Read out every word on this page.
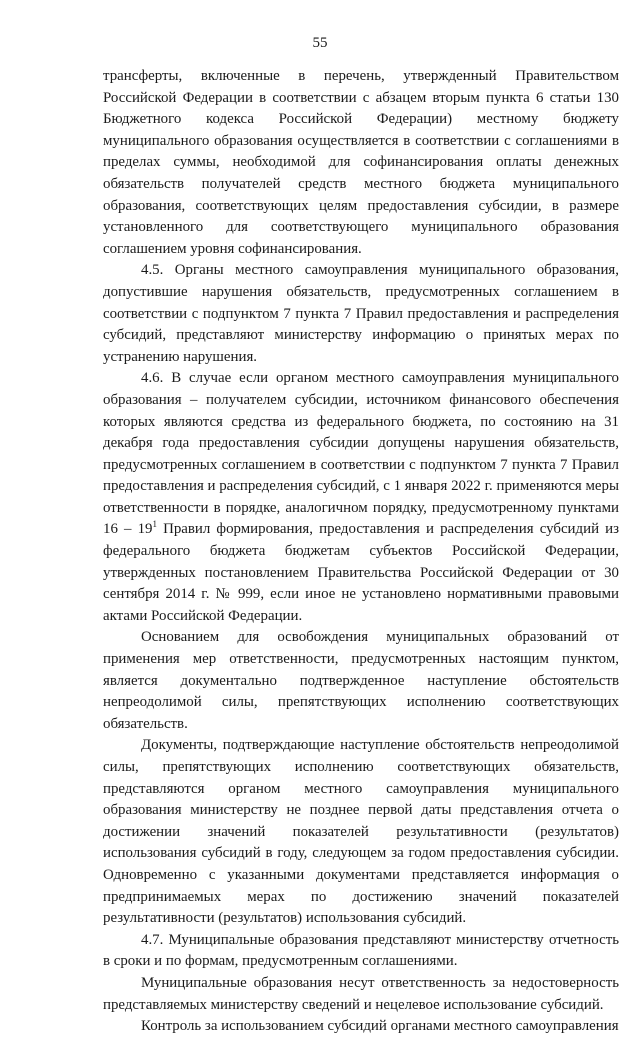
55

трансферты, включенные в перечень, утвержденный Правительством Российской Федерации в соответствии с абзацем вторым пункта 6 статьи 130 Бюджетного кодекса Российской Федерации) местному бюджету муниципального образования осуществляется в соответствии с соглашениями в пределах суммы, необходимой для софинансирования оплаты денежных обязательств получателей средств местного бюджета муниципального образования, соответствующих целям предоставления субсидии, в размере установленного для соответствующего муниципального образования соглашением уровня софинансирования.

4.5. Органы местного самоуправления муниципального образования, допустившие нарушения обязательств, предусмотренных соглашением в соответствии с подпунктом 7 пункта 7 Правил предоставления и распределения субсидий, представляют министерству информацию о принятых мерах по устранению нарушения.

4.6. В случае если органом местного самоуправления муниципального образования – получателем субсидии, источником финансового обеспечения которых являются средства из федерального бюджета, по состоянию на 31 декабря года предоставления субсидии допущены нарушения обязательств, предусмотренных соглашением в соответствии с подпунктом 7 пункта 7 Правил предоставления и распределения субсидий, с 1 января 2022 г. применяются меры ответственности в порядке, аналогичном порядку, предусмотренному пунктами $16 - 19^1$ Правил формирования, предоставления и распределения субсидий из федерального бюджета бюджетам субъектов Российской Федерации, утвержденных постановлением Правительства Российской Федерации от 30 сентября 2014 г. № 999, если иное не установлено нормативными правовыми актами Российской Федерации.

Основанием для освобождения муниципальных образований от применения мер ответственности, предусмотренных настоящим пунктом, является документально подтвержденное наступление обстоятельств непреодолимой силы, препятствующих исполнению соответствующих обязательств.

Документы, подтверждающие наступление обстоятельств непреодолимой силы, препятствующих исполнению соответствующих обязательств, представляются органом местного самоуправления муниципального образования министерству не позднее первой даты представления отчета о достижении значений показателей результативности (результатов) использования субсидий в году, следующем за годом предоставления субсидии. Одновременно с указанными документами представляется информация о предпринимаемых мерах по достижению значений показателей результативности (результатов) использования субсидий.

4.7. Муниципальные образования представляют министерству отчетность в сроки и по формам, предусмотренным соглашениями.

Муниципальные образования несут ответственность за недостоверность представляемых министерству сведений и нецелевое использование субсидий.

Контроль за использованием субсидий органами местного самоуправления
